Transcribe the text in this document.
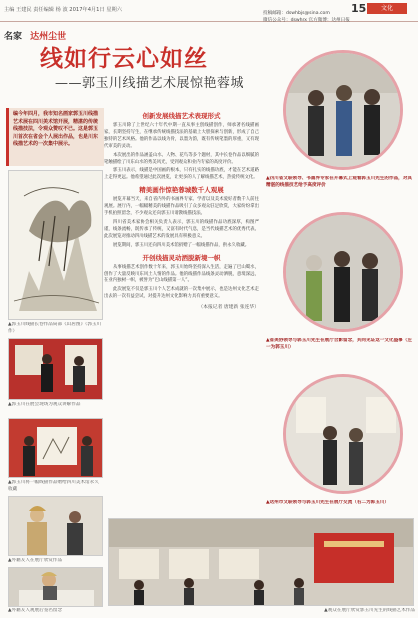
主编 王建民 责任编辑 杨 波 2017年4月1日 星期六	15	文化
投稿邮箱：dswhbjs@sina.com
微信公众号：dswhrx 官方微博：达州日报
名家 达州尘世
线如行云心如丝
——郭玉川线描艺术展惊艳蓉城
编今年四月，我市知名画家郭玉川线描艺术展在四川美术馆开展，精湛的传统线描技法，令观众赞叹不已。这是郭玉川首次在省会个人展出作品，也是川东线描艺术的一次集中展示。
▲郭玉川线描长卷作品局部《山居图》（郭玉川 作）
▲郭玉川在展会现场为观众讲解作品
▲郭玉川将一幅线描作品赠给四川美术馆永久收藏
▲外籍友人在展厅欣赏作品
▲外籍友人观展后签名留念
创新发展线描艺术表现形式

郭玉川除了上世纪六十年代中期一直从事主创线描创作，师承著名线描画家，长期坚持写生，在继承传统线描技法的基础上大胆探索与创新，形成了自己独特的艺术风格。他的作品以线为骨，以墨为韵，既有传统笔墨的厚重，又有现代审美的灵动。

本次展出的作品涵盖山水、人物、花鸟等多个题材，其中长卷作品以细腻的笔触描绘了川东山水的秀美风光，受到观众和业内专家的高度评价。

郭玉川表示，线描是中国画的根本，只有扎实的线描功底，才能在艺术道路上走得更远。他希望通过此次展览，让更多的人了解线描艺术，热爱传统文化。

精美画作惊艳蓉城数千人观展

展览开幕当天，来自省内外的书画界专家、学者以及美术爱好者数千人前往观展。展厅内，一幅幅精美的线描作品吸引了众多观众驻足欣赏，大家纷纷拿出手机拍照留念，不少观众还向郭玉川请教线描技法。

四川省美术家协会相关负责人表示，郭玉川的线描作品功底深厚，构图严谨，线条流畅，既传承了传统，又富有时代气息，是当代线描艺术的优秀代表。此次展览对推动四川线描艺术的发展具有积极意义。

展览期间，郭玉川还向四川美术馆捐赠了一幅线描作品，供永久收藏。

开创线描灵动洒脱新境一帜

从事线描艺术创作数十年来，郭玉川始终坚持深入生活，走遍了巴山蜀水，创作了大量反映川东风土人情的作品。他的线描作品线条灵动洒脱，意境深远，在业内独树一帜，被誉为“巴山线描第一人”。

此次展览不仅是郭玉川个人艺术成就的一次集中展示，也是达州文化艺术走出去的一次有益尝试，对提升达州文化影响力具有重要意义。

（本报记者 唐建新 张连华）
▲四川省文联领导、书画界专家在开幕式上观看郭玉川先生的作品，对其精湛的线描技艺给予高度评价
▲省美协领导与郭玉川先生在展厅合影留念，共同见证这一文化盛事（左一为郭玉川）
▲达州市文联领导与郭玉川先生在展厅交流（右二为郭玉川）
▲观众在展厅欣赏郭玉川先生的线描艺术作品
